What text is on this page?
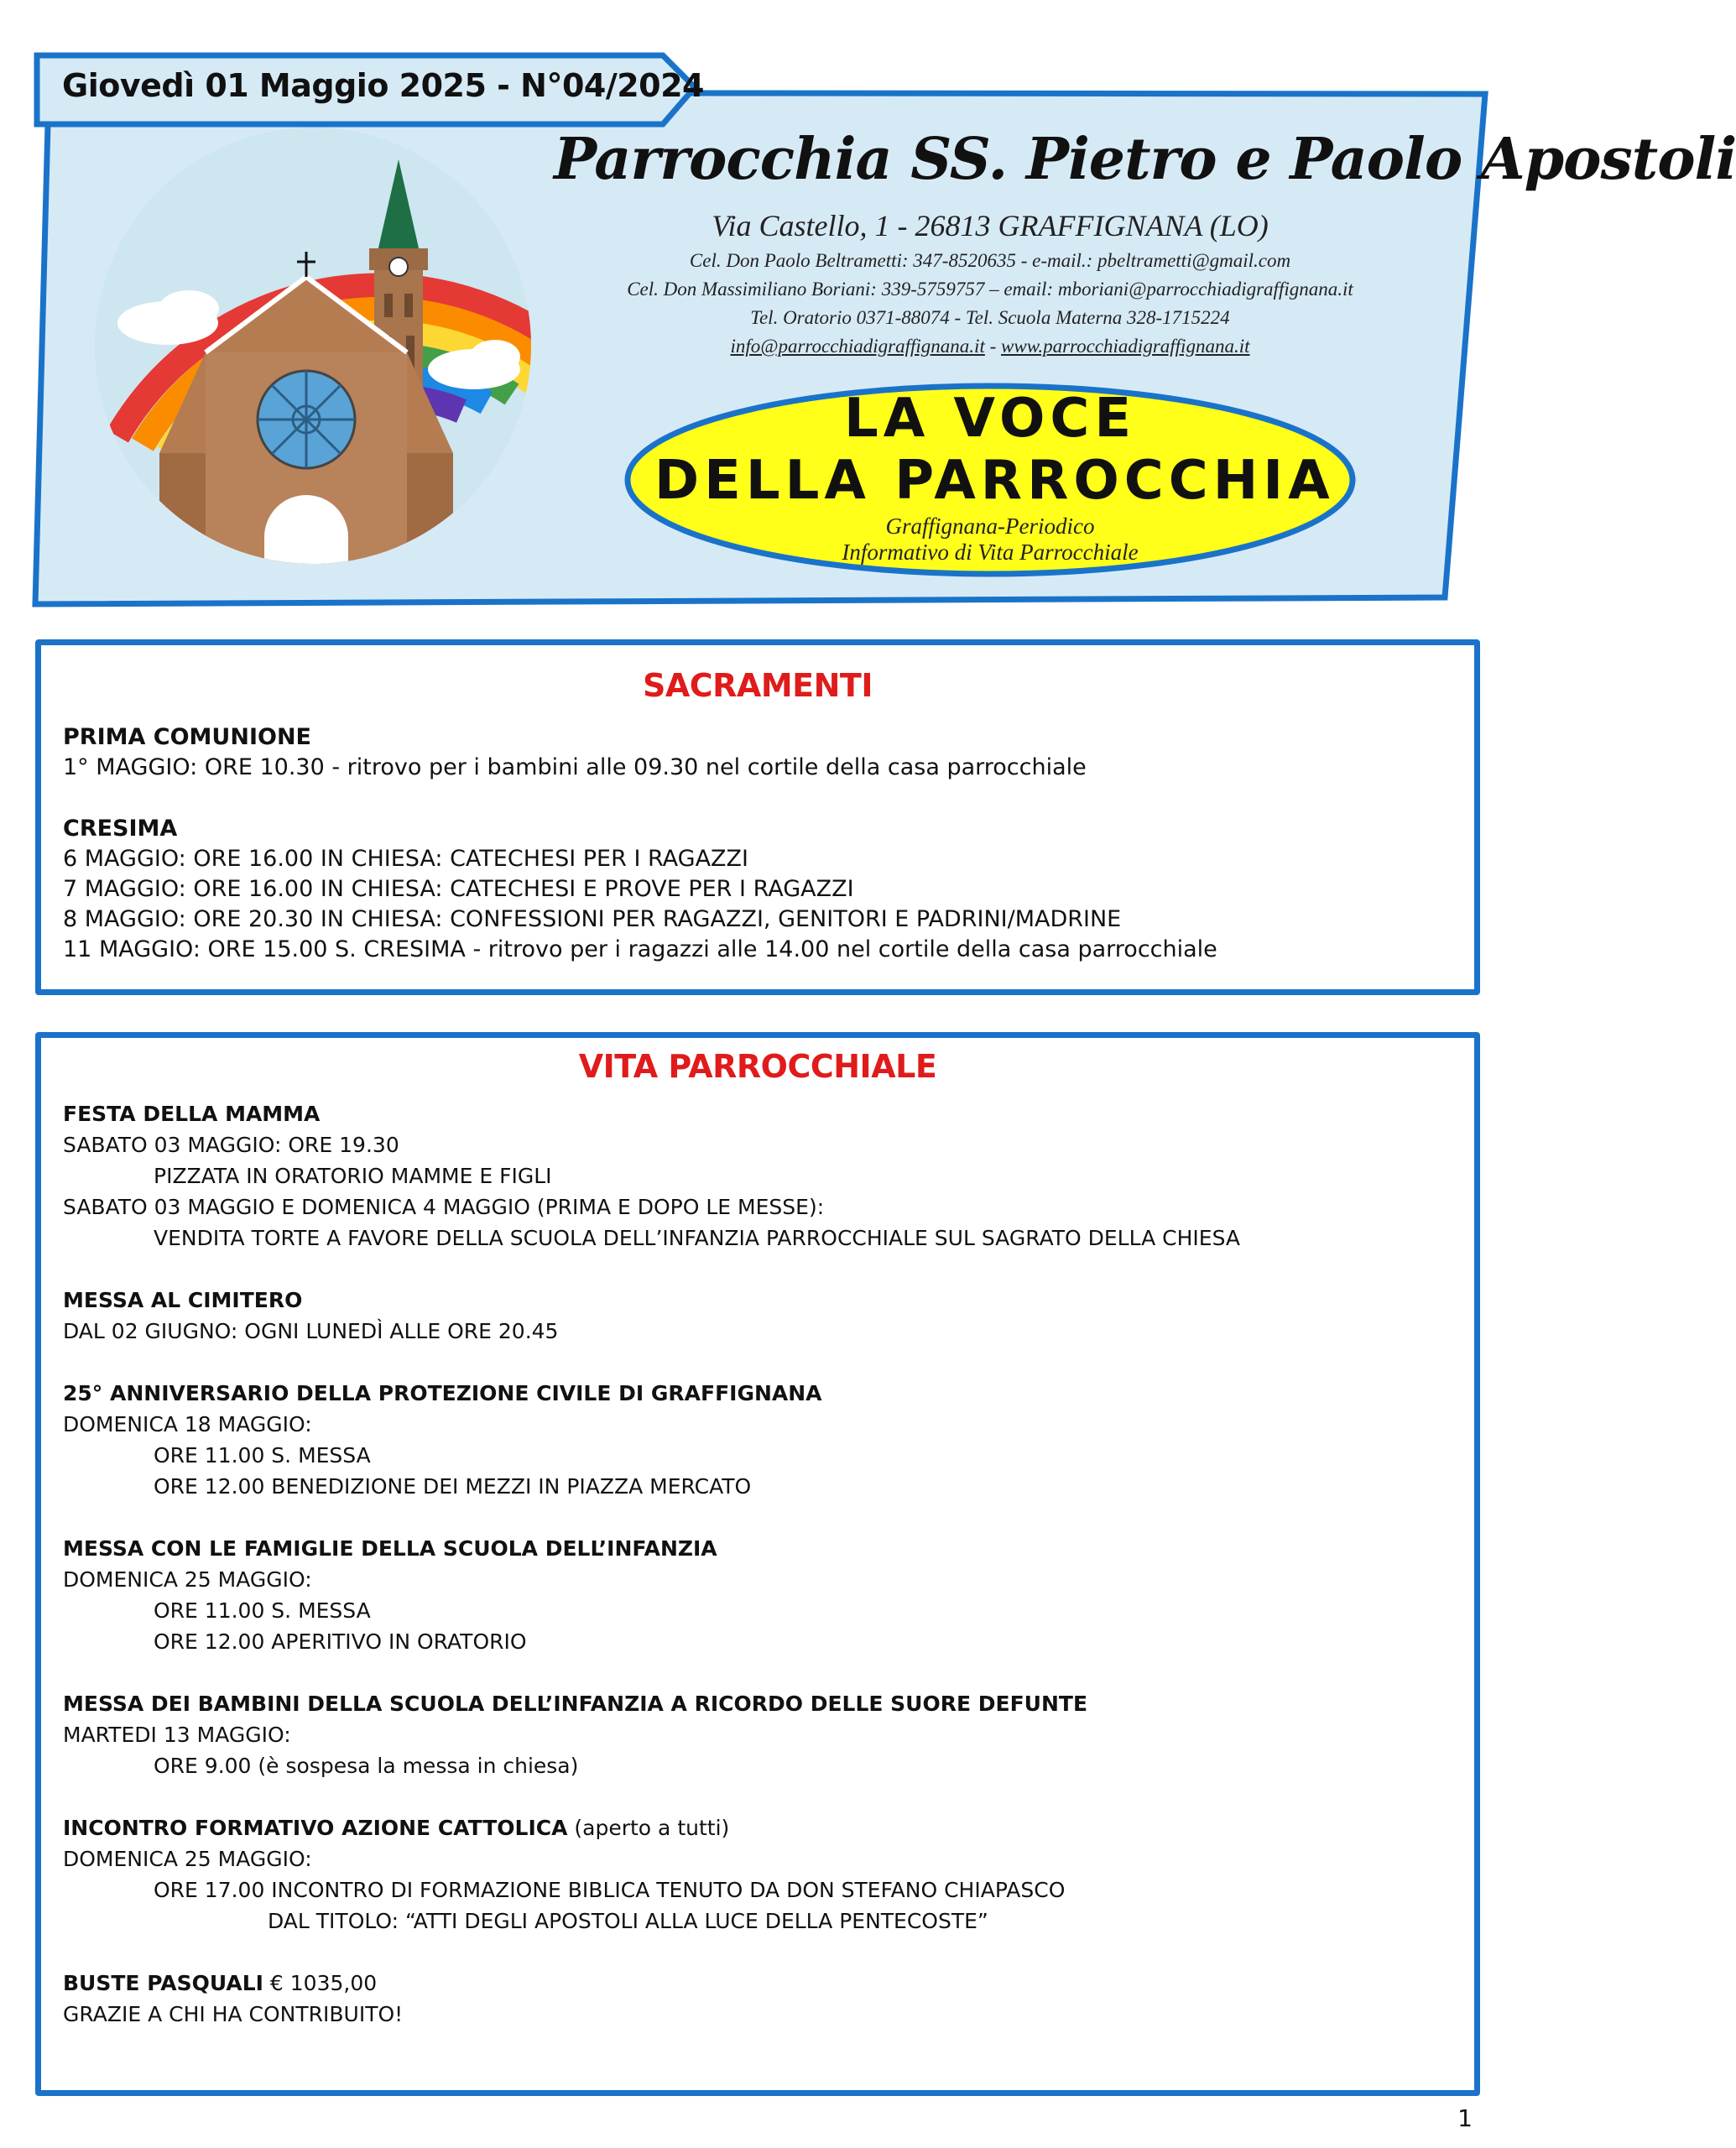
Giovedì 01 Maggio 2025 - N°04/2024
Parrocchia SS. Pietro e Paolo Apostoli
Via Castello, 1 - 26813 GRAFFIGNANA (LO)
Cel. Don Paolo Beltrametti: 347-8520635 - e-mail.: pbeltrametti@gmail.com
Cel. Don Massimiliano Boriani: 339-5759757 – email: mboriani@parrocchiadigraffignana.it
Tel. Oratorio 0371-88074 - Tel. Scuola Materna 328-1715224
info@parrocchiadigraffignana.it - www.parrocchiadigraffignana.it
LA VOCE
DELLA PARROCCHIA
Graffignana-Periodico
Informativo di Vita Parrocchiale
SACRAMENTI
PRIMA COMUNIONE
1° MAGGIO: ORE 10.30 - ritrovo per i bambini alle 09.30 nel cortile della casa parrocchiale
CRESIMA
6 MAGGIO: ORE 16.00 IN CHIESA: CATECHESI PER I RAGAZZI
7 MAGGIO: ORE 16.00 IN CHIESA: CATECHESI E PROVE PER I RAGAZZI
8 MAGGIO: ORE 20.30 IN CHIESA: CONFESSIONI PER RAGAZZI, GENITORI E PADRINI/MADRINE
11 MAGGIO: ORE 15.00 S. CRESIMA - ritrovo per i ragazzi alle 14.00 nel cortile della casa parrocchiale
VITA PARROCCHIALE
FESTA DELLA MAMMA
SABATO 03 MAGGIO: ORE 19.30
PIZZATA IN ORATORIO MAMME E FIGLI
SABATO 03 MAGGIO E DOMENICA 4 MAGGIO (PRIMA E DOPO LE MESSE):
VENDITA TORTE A FAVORE DELLA SCUOLA DELL’INFANZIA PARROCCHIALE SUL SAGRATO DELLA CHIESA
MESSA AL CIMITERO
DAL 02 GIUGNO: OGNI LUNEDÌ ALLE ORE 20.45
25° ANNIVERSARIO DELLA PROTEZIONE CIVILE DI GRAFFIGNANA
DOMENICA 18 MAGGIO:
ORE 11.00 S. MESSA
ORE 12.00 BENEDIZIONE DEI MEZZI IN PIAZZA MERCATO
MESSA CON LE FAMIGLIE DELLA SCUOLA DELL’INFANZIA
DOMENICA 25 MAGGIO:
ORE 11.00 S. MESSA
ORE 12.00 APERITIVO IN ORATORIO
MESSA DEI BAMBINI DELLA SCUOLA DELL’INFANZIA A RICORDO DELLE SUORE DEFUNTE
MARTEDI 13 MAGGIO:
ORE 9.00 (è sospesa la messa in chiesa)
INCONTRO FORMATIVO AZIONE CATTOLICA (aperto a tutti)
DOMENICA 25 MAGGIO:
ORE 17.00 INCONTRO DI FORMAZIONE BIBLICA TENUTO DA DON STEFANO CHIAPASCO
DAL TITOLO: “ATTI DEGLI APOSTOLI ALLA LUCE DELLA PENTECOSTE”
BUSTE PASQUALI € 1035,00
GRAZIE A CHI HA CONTRIBUITO!
1
